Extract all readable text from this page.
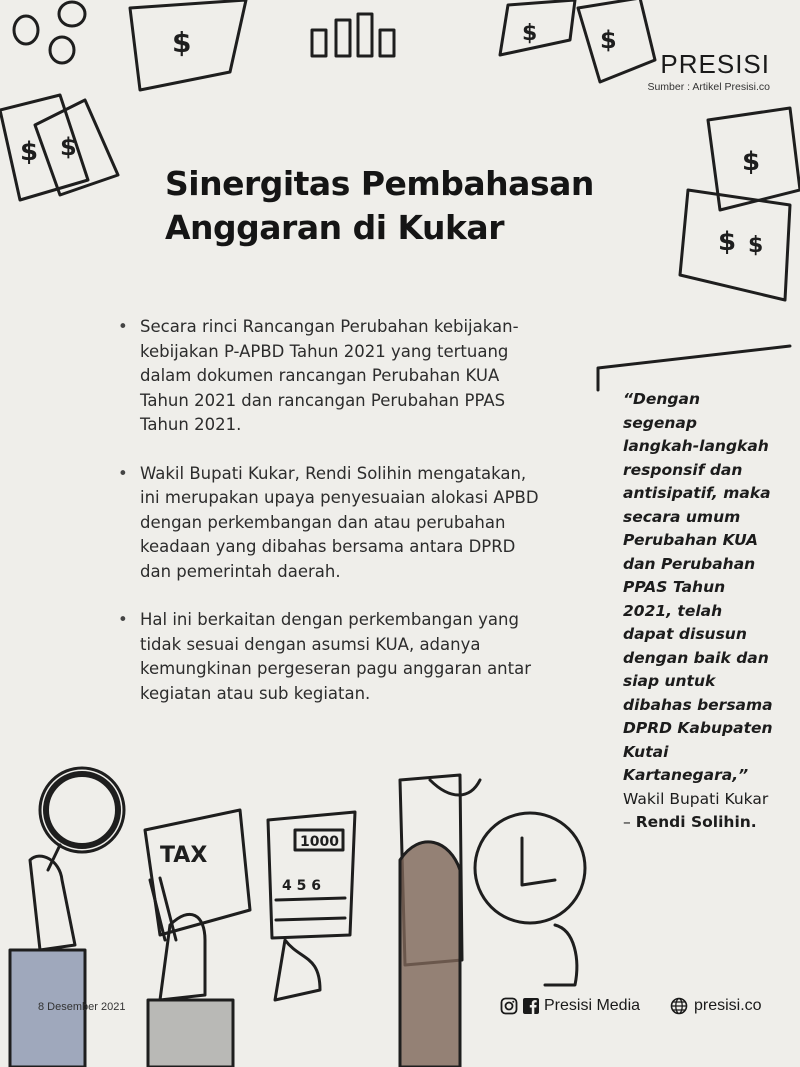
$
$ $
$	$
$
$ $
TAX
1000
4 5 6
PRESISI
Sumber : Artikel Presisi.co
Sinergitas Pembahasan
Anggaran di Kukar
• Secara rinci Rancangan Perubahan kebijakan-kebijakan P-APBD Tahun 2021 yang tertuang dalam dokumen rancangan Perubahan KUA Tahun 2021 dan rancangan Perubahan PPAS Tahun 2021.
• Wakil Bupati Kukar, Rendi Solihin mengatakan, ini merupakan upaya penyesuaian alokasi APBD dengan perkembangan dan atau perubahan keadaan yang dibahas bersama antara DPRD dan pemerintah daerah.
• Hal ini berkaitan dengan perkembangan yang tidak sesuai dengan asumsi KUA, adanya kemungkinan pergeseran pagu anggaran antar kegiatan atau sub kegiatan.
“Dengan segenap langkah-langkah responsif dan antisipatif, maka secara umum Perubahan KUA dan Perubahan PPAS Tahun 2021, telah dapat disusun dengan baik dan siap untuk dibahas bersama DPRD Kabupaten Kutai Kartanegara,”
Wakil Bupati Kukar – Rendi Solihin.
8 Desember 2021	Presisi Media	presisi.co
